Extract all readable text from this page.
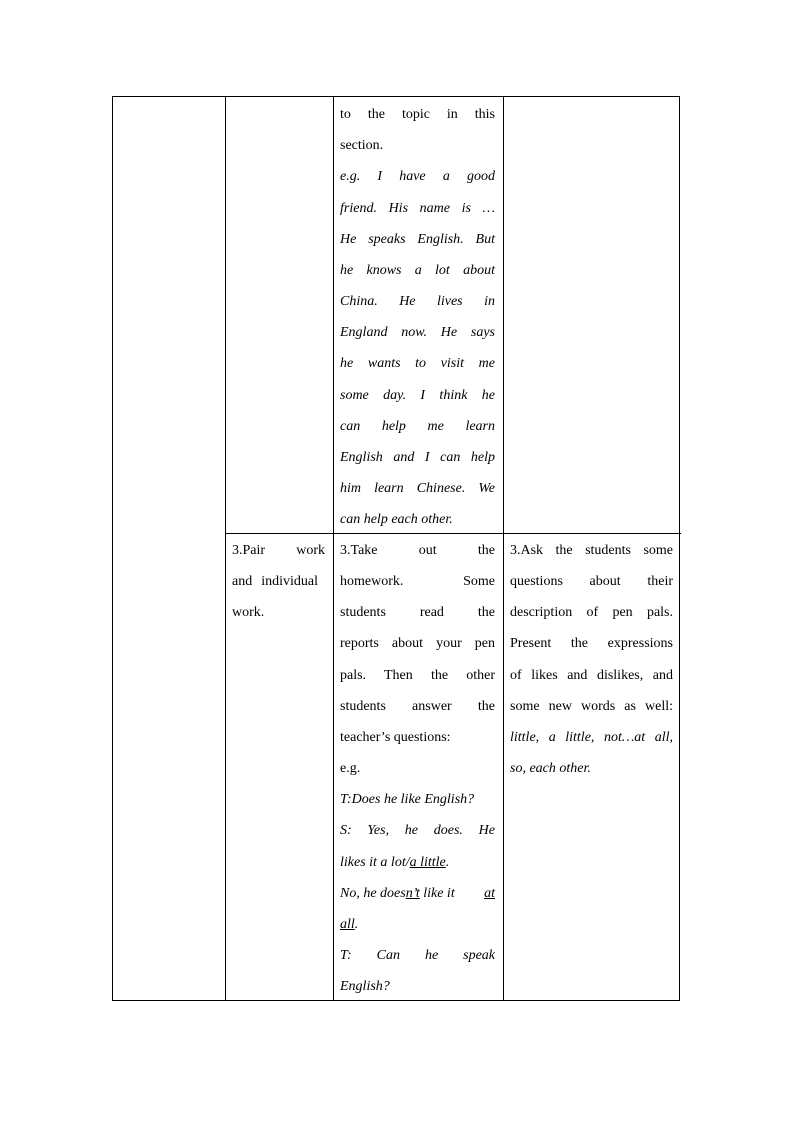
to the topic in this
section.
e.g. I have a good
friend. His name is …
He speaks English. But
he knows a lot about
China. He lives in
England now. He says
he wants to visit me
some day. I think he
can help me learn
English and I can help
him learn Chinese. We
can help each other.
3.Pair work
and individual
work.
3.Take out the
homework. Some
students read the
reports about your pen
pals. Then the other
students answer the
teacher’s questions:
e.g.
T:Does he like English?
S: Yes, he does. He
likes it a lot/a little.
No, he doesn’t like it at
all.
T: Can he speak
English?
3.Ask the students some
questions about their
description of pen pals.
Present the expressions
of likes and dislikes, and
some new words as well:
little, a little, not…at all,
so, each other.
